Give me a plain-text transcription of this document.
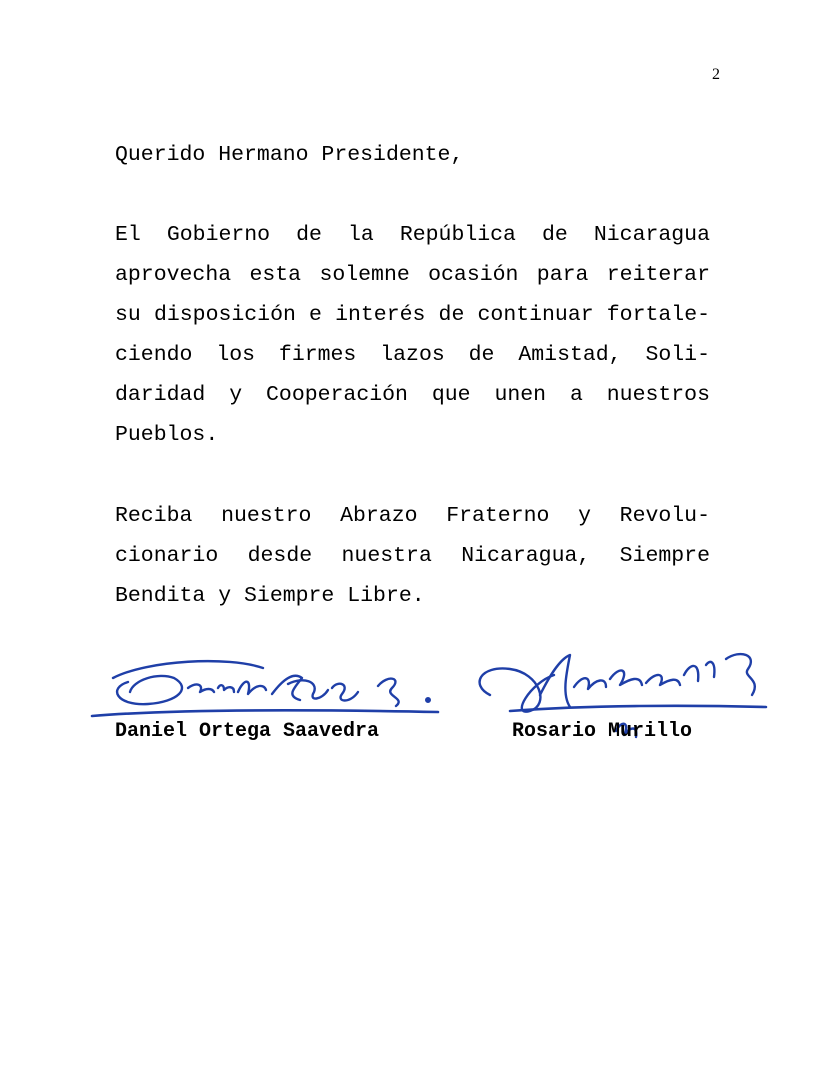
2
Querido Hermano Presidente,
El Gobierno de la República de Nicaragua
aprovecha esta solemne ocasión para reiterar
su disposición e interés de continuar fortale-
ciendo los firmes lazos de Amistad, Soli-
daridad y Cooperación que unen a nuestros
Pueblos.
Reciba nuestro Abrazo Fraterno y Revolu-
cionario desde nuestra Nicaragua, Siempre
Bendita y Siempre Libre.
Daniel Ortega Saavedra	Rosario Murillo
